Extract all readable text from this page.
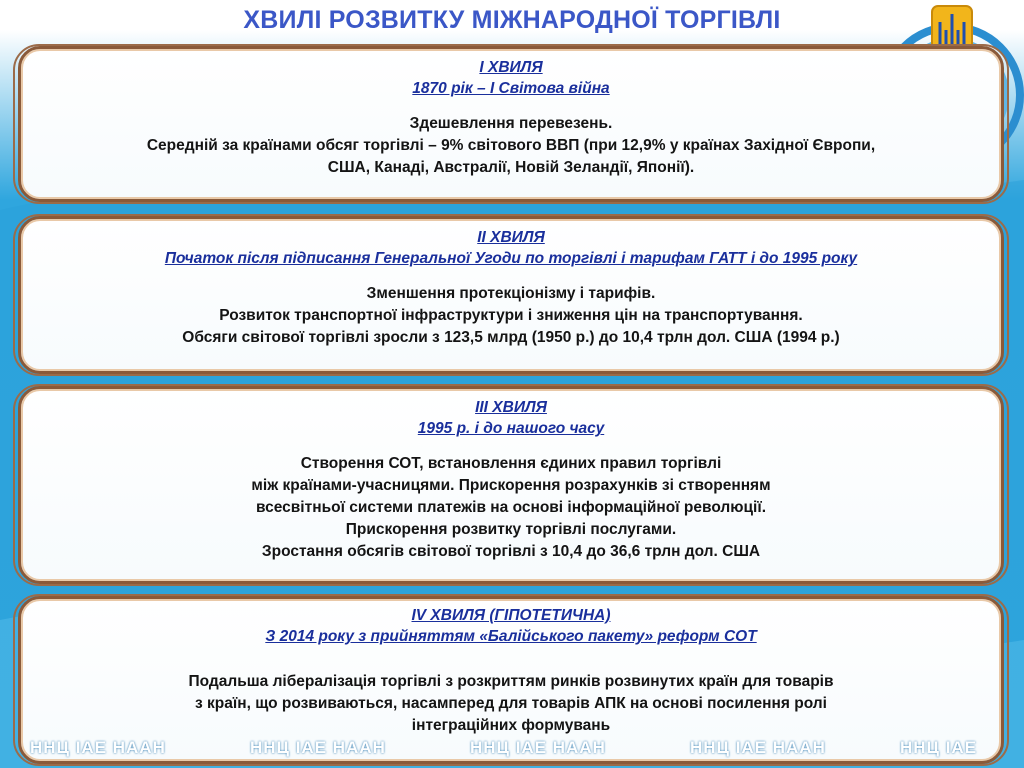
ХВИЛІ РОЗВИТКУ МІЖНАРОДНОЇ ТОРГІВЛІ
І ХВИЛЯ
1870 рік – І Світова війна
Здешевлення перевезень.
Середній за країнами обсяг торгівлі – 9% світового ВВП (при 12,9% у країнах Західної Європи,
США, Канаді, Австралії, Новій Зеландії, Японії).
ІІ ХВИЛЯ
Початок після підписання Генеральної Угоди по торгівлі і тарифам ГАТТ і до 1995 року
Зменшення протекціонізму і тарифів.
Розвиток транспортної інфраструктури і зниження цін на транспортування.
Обсяги світової торгівлі зросли з 123,5 млрд (1950 р.) до 10,4 трлн дол. США (1994 р.)
ІІІ ХВИЛЯ
1995 р. і до нашого часу
Створення СОТ, встановлення єдиних правил торгівлі
між країнами-учасницями. Прискорення розрахунків зі створенням
всесвітньої системи платежів на основі інформаційної революції.
Прискорення розвитку торгівлі послугами.
Зростання обсягів світової торгівлі з 10,4 до 36,6 трлн дол. США
IV ХВИЛЯ (ГІПОТЕТИЧНА)
З 2014 року з прийняттям «Балійського пакету» реформ СОТ
Подальша лібералізація торгівлі з розкриттям ринків розвинутих країн для товарів
з країн, що розвиваються, насамперед для товарів АПК на основі посилення ролі
інтеграційних формувань
ННЦ ІАЕ НААН	ННЦ ІАЕ НААН	ННЦ ІАЕ НААН	ННЦ ІАЕ НААН	ННЦ ІАЕ
